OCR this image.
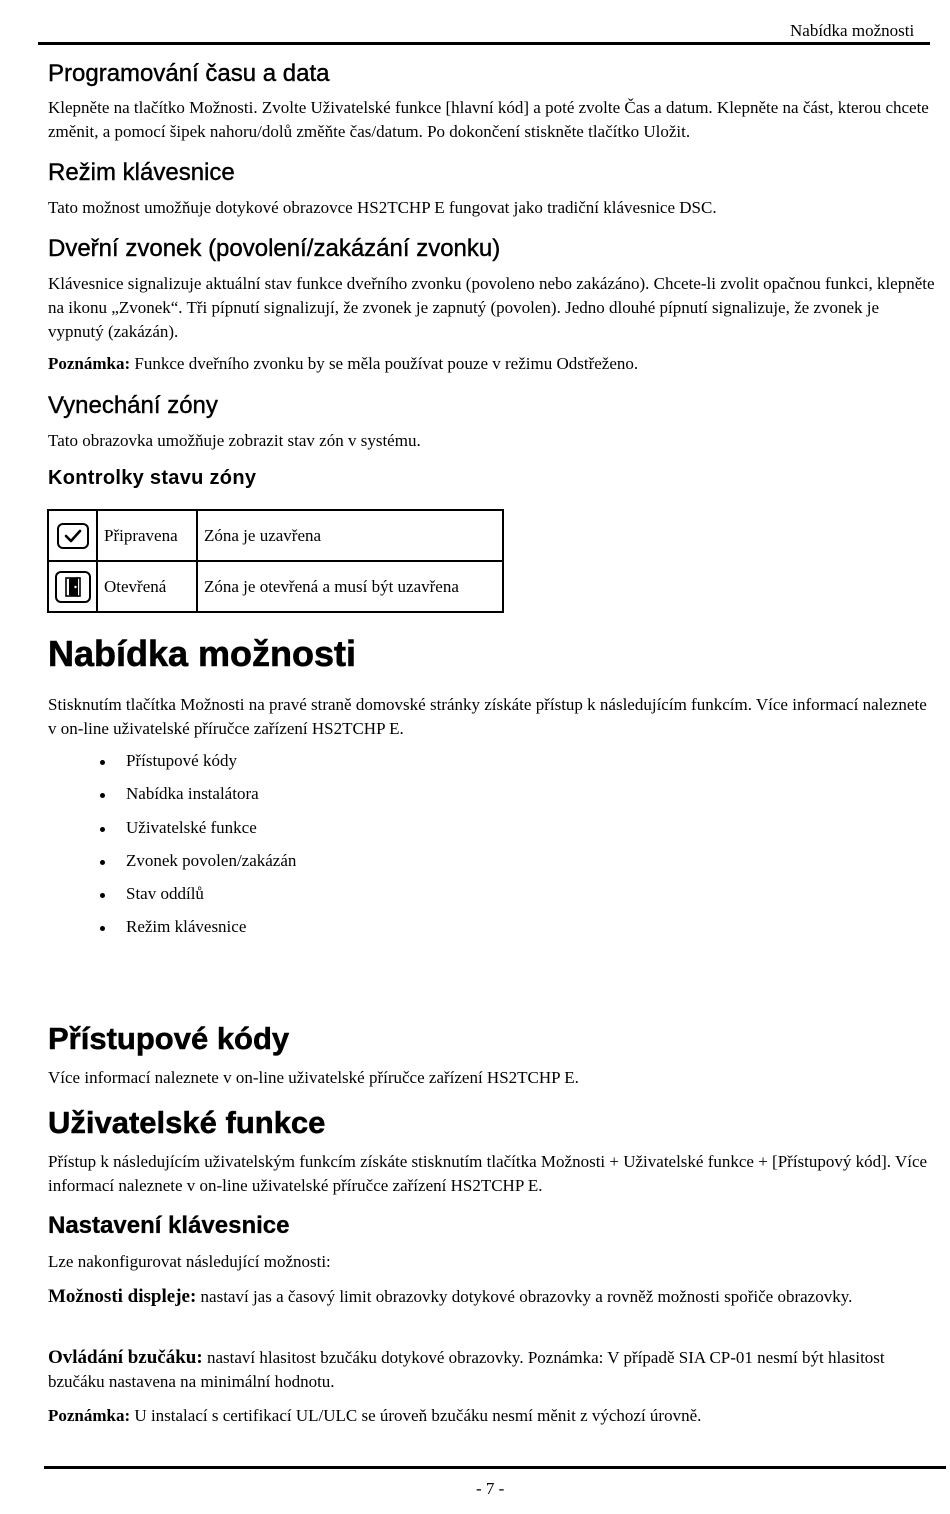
Nabídka možnosti
Programování času a data

Klepněte na tlačítko Možnosti. Zvolte Uživatelské funkce [hlavní kód] a poté zvolte Čas a datum. Klepněte na část, kterou chcete změnit, a pomocí šipek nahoru/dolů změňte čas/datum. Po dokončení stiskněte tlačítko Uložit.

Režim klávesnice

Tato možnost umožňuje dotykové obrazovce HS2TCHP E fungovat jako tradiční klávesnice DSC.

Dveřní zvonek (povolení/zakázání zvonku)

Klávesnice signalizuje aktuální stav funkce dveřního zvonku (povoleno nebo zakázáno). Chcete-li zvolit opačnou funkci, klepněte na ikonu „Zvonek“. Tři pípnutí signalizují, že zvonek je zapnutý (povolen). Jedno dlouhé pípnutí signalizuje, že zvonek je vypnutý (zakázán).

Poznámka: Funkce dveřního zvonku by se měla používat pouze v režimu Odstřeženo.

Vynechání zóny

Tato obrazovka umožňuje zobrazit stav zón v systému.

Kontrolky stavu zóny
	Připravena	Zóna je uzavřena

	Otevřená	Zóna je otevřená a musí být uzavřena
Nabídka možnosti

Stisknutím tlačítka Možnosti na pravé straně domovské stránky získáte přístup k následujícím funkcím. Více informací naleznete v on-line uživatelské příručce zařízení HS2TCHP E.

Přístupové kódy
Nabídka instalátora
Uživatelské funkce
Zvonek povolen/zakázán
Stav oddílů
Režim klávesnice
Přístupové kódy

Více informací naleznete v on-line uživatelské příručce zařízení HS2TCHP E.

Uživatelské funkce

Přístup k následujícím uživatelským funkcím získáte stisknutím tlačítka Možnosti + Uživatelské funkce + [Přístupový kód]. Více informací naleznete v on-line uživatelské příručce zařízení HS2TCHP E.

Nastavení klávesnice

Lze nakonfigurovat následující možnosti:

Možnosti displeje: nastaví jas a časový limit obrazovky dotykové obrazovky a rovněž možnosti spořiče obrazovky.

Ovládání bzučáku: nastaví hlasitost bzučáku dotykové obrazovky. Poznámka: V případě SIA CP-01 nesmí být hlasitost bzučáku nastavena na minimální hodnotu.

Poznámka: U instalací s certifikací UL/ULC se úroveň bzučáku nesmí měnit z výchozí úrovně.

- 7 -
